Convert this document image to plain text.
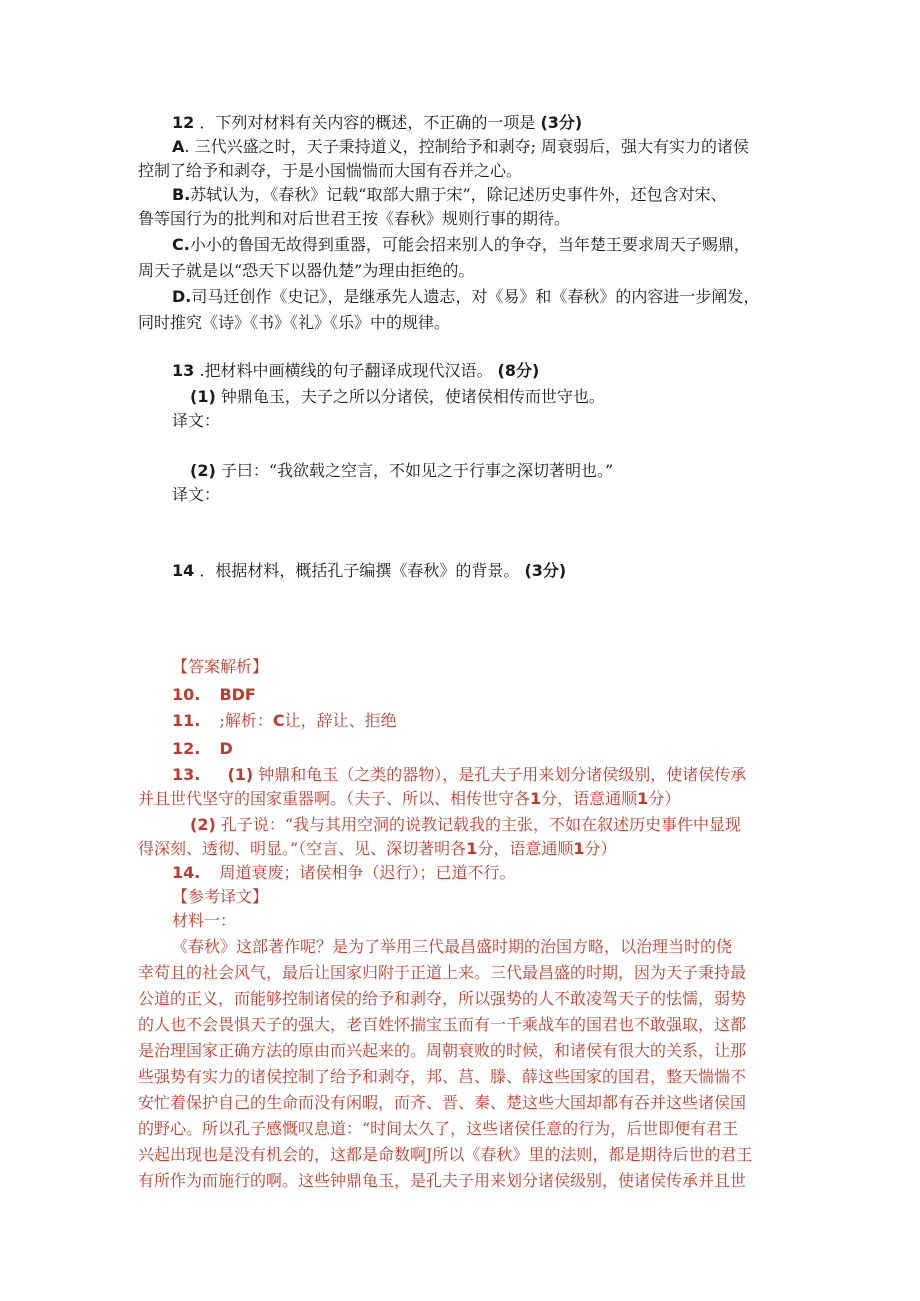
12 ．下列对材料有关内容的概述，不正确的一项是 (3分)
A. 三代兴盛之时，天子秉持道义，控制给予和剥夺; 周衰弱后，强大有实力的诸侯
控制了给予和剥夺，于是小国惴惴而大国有吞并之心。
B.苏轼认为，《春秋》记载“取部大鼎于宋”，除记述历史事件外，还包含对宋、
鲁等国行为的批判和对后世君王按《春秋》规则行事的期待。
C.小小的鲁国无故得到重器，可能会招来别人的争夺，当年楚王要求周天子赐鼎，
周天子就是以“恐天下以器仇楚”为理由拒绝的。
D.司马迁创作《史记》，是继承先人遗志，对《易》和《春秋》的内容进一步阐发，
同时推究《诗》《书》《礼》《乐》中的规律。
13 .把材料中画横线的句子翻译成现代汉语。 (8分)
(1) 钟鼎龟玉，夫子之所以分诸侯，使诸侯相传而世守也。
译文：
(2) 子曰：“我欲载之空言，不如见之于行事之深切著明也。”
译文：
14 ．根据材料，概括孔子编撰《春秋》的背景。 (3分)
【答案解析】
10. BDF
11. ;解析：C让，辞让、拒绝
12. D
13. (1) 钟鼎和龟玉（之类的器物），是孔夫子用来划分诸侯级别，使诸侯传承
并且世代坚守的国家重器啊。（夫子、所以、相传世守各1分，语意通顺1分）
(2) 孔子说：“我与其用空洞的说教记载我的主张，不如在叙述历史事件中显现
得深刻、透彻、明显。”（空言、见、深切著明各1分，语意通顺1分）
14. 周道衰废；诸侯相争（迟行）；已道不行。
【参考译文】
材料一：
《春秋》这部著作呢？是为了举用三代最昌盛时期的治国方略，以治理当时的侥
幸苟且的社会风气，最后让国家归附于正道上来。三代最昌盛的时期，因为天子秉持最
公道的正义，而能够控制诸侯的给予和剥夺，所以强势的人不敢凌驾天子的怯懦，弱势
的人也不会畏惧天子的强大，老百姓怀揣宝玉而有一千乘战车的国君也不敢强取，这都
是治理国家正确方法的原由而兴起来的。周朝衰败的时候，和诸侯有很大的关系，让那
些强势有实力的诸侯控制了给予和剥夺，邦、莒、滕、薛这些国家的国君，整天惴惴不
安忙着保护自己的生命而没有闲暇，而齐、晋、秦、楚这些大国却都有吞并这些诸侯国
的野心。所以孔子感慨叹息道：“时间太久了，这些诸侯任意的行为，后世即便有君王
兴起出现也是没有机会的，这都是命数啊J所以《春秋》里的法则，都是期待后世的君王
有所作为而施行的啊。这些钟鼎龟玉，是孔夫子用来划分诸侯级别，使诸侯传承并且世
